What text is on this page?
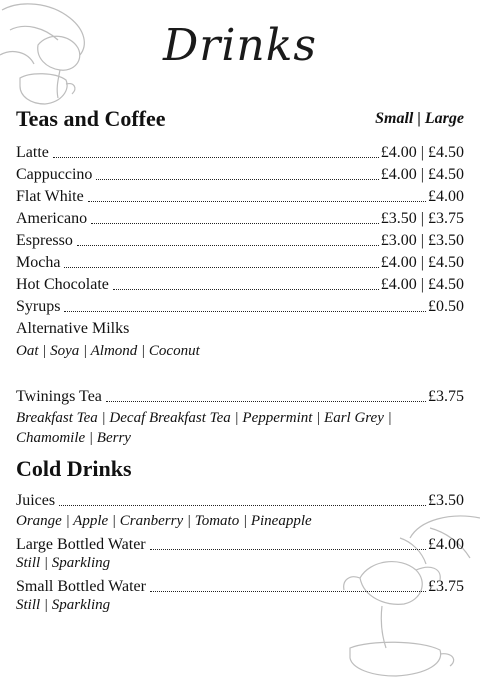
Drinks
Teas and Coffee	Small | Large
Latte	£4.00 | £4.50
Cappuccino	£4.00 | £4.50
Flat White	£4.00
Americano	£3.50 | £3.75
Espresso	£3.00 | £3.50
Mocha	£4.00 | £4.50
Hot Chocolate	£4.00 | £4.50
Syrups	£0.50
Alternative Milks
Oat | Soya | Almond | Coconut
Twinings Tea	£3.75
Breakfast Tea | Decaf Breakfast Tea | Peppermint | Earl Grey |
Chamomile | Berry
Cold Drinks
Juices	£3.50
Orange | Apple | Cranberry | Tomato | Pineapple
Large Bottled Water	£4.00
Still | Sparkling
Small Bottled Water	£3.75
Still | Sparkling
